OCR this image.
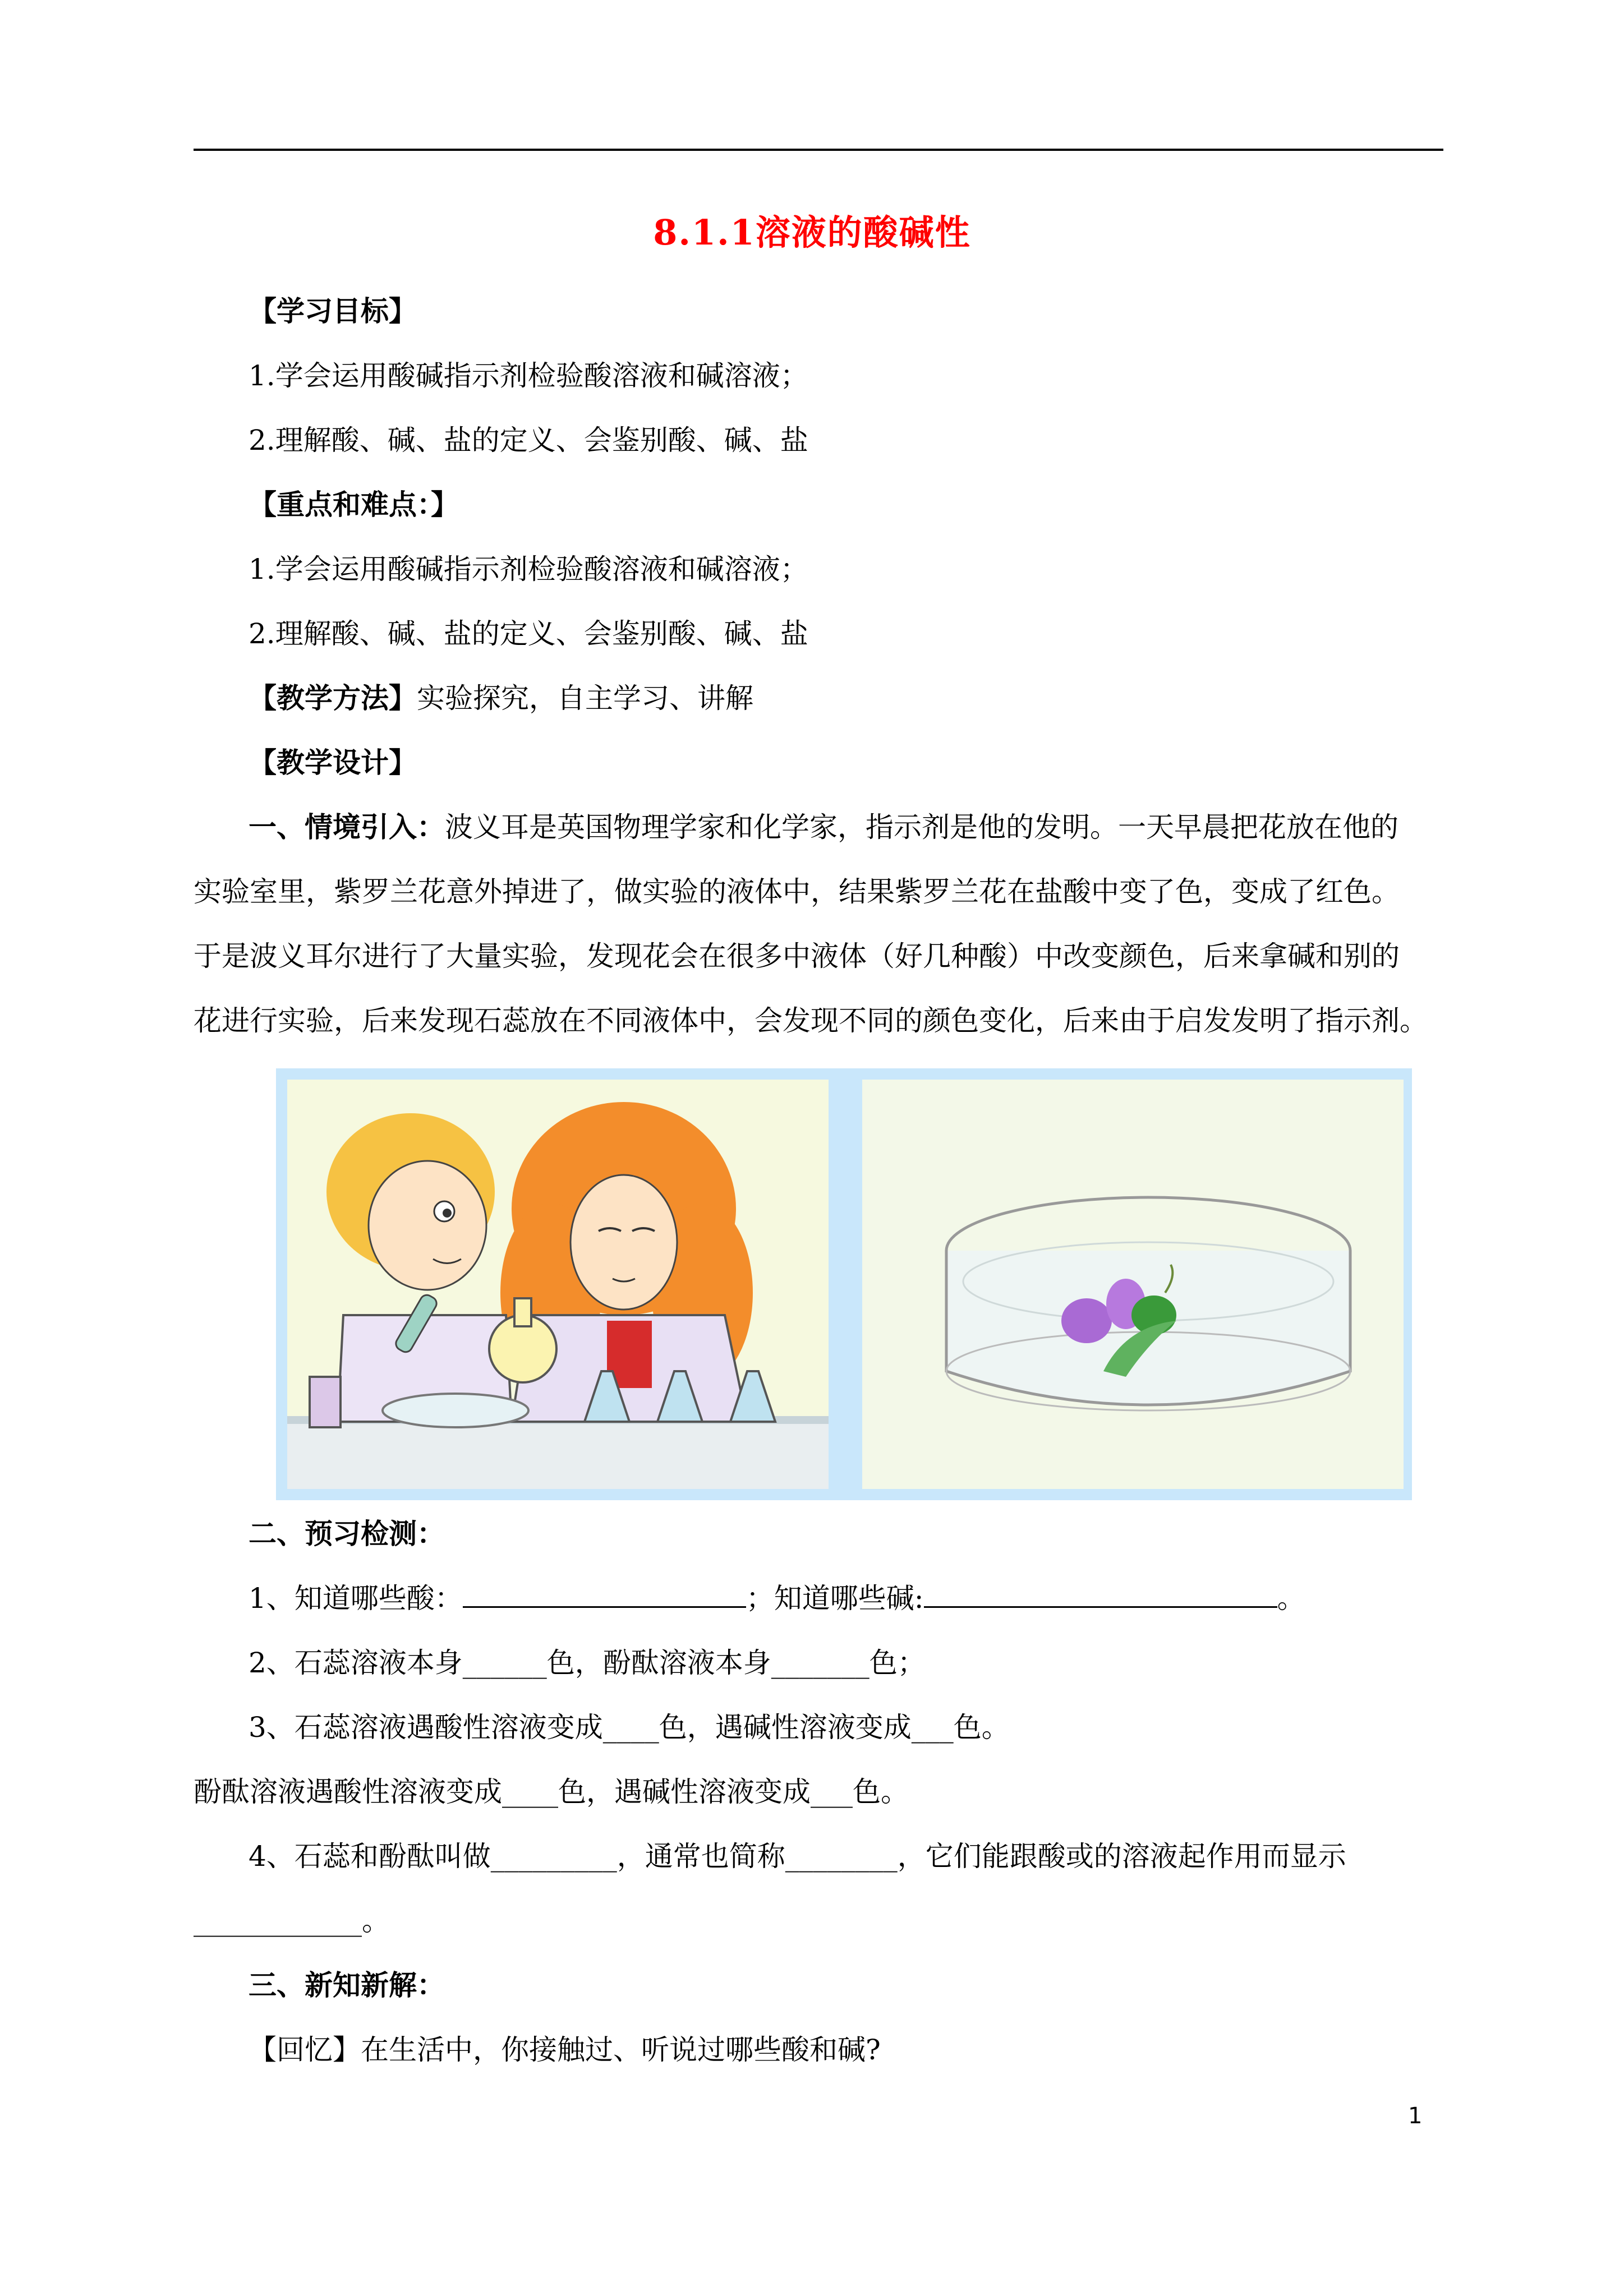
8.1.1溶液的酸碱性
【学习目标】
1.学会运用酸碱指示剂检验酸溶液和碱溶液；
2.理解酸、碱、盐的定义、会鉴别酸、碱、盐
【重点和难点：】
1.学会运用酸碱指示剂检验酸溶液和碱溶液；
2.理解酸、碱、盐的定义、会鉴别酸、碱、盐
【教学方法】实验探究，自主学习、讲解
【教学设计】
一、情境引入：波义耳是英国物理学家和化学家，指示剂是他的发明。一天早晨把花放在他的
实验室里，紫罗兰花意外掉进了，做实验的液体中，结果紫罗兰花在盐酸中变了色，变成了红色。
于是波义耳尔进行了大量实验，发现花会在很多中液体（好几种酸）中改变颜色，后来拿碱和别的
花进行实验，后来发现石蕊放在不同液体中，会发现不同的颜色变化，后来由于启发发明了指示剂。
二、预习检测：
1、知道哪些酸：	；知道哪些碱:	。
2、石蕊溶液本身______色，酚酞溶液本身_______色；
3、石蕊溶液遇酸性溶液变成____色，遇碱性溶液变成___色。
酚酞溶液遇酸性溶液变成____色，遇碱性溶液变成___色。
4、石蕊和酚酞叫做_________，通常也简称________，它们能跟酸或的溶液起作用而显示
____________。
三、新知新解：
【回忆】在生活中，你接触过、听说过哪些酸和碱?
1
